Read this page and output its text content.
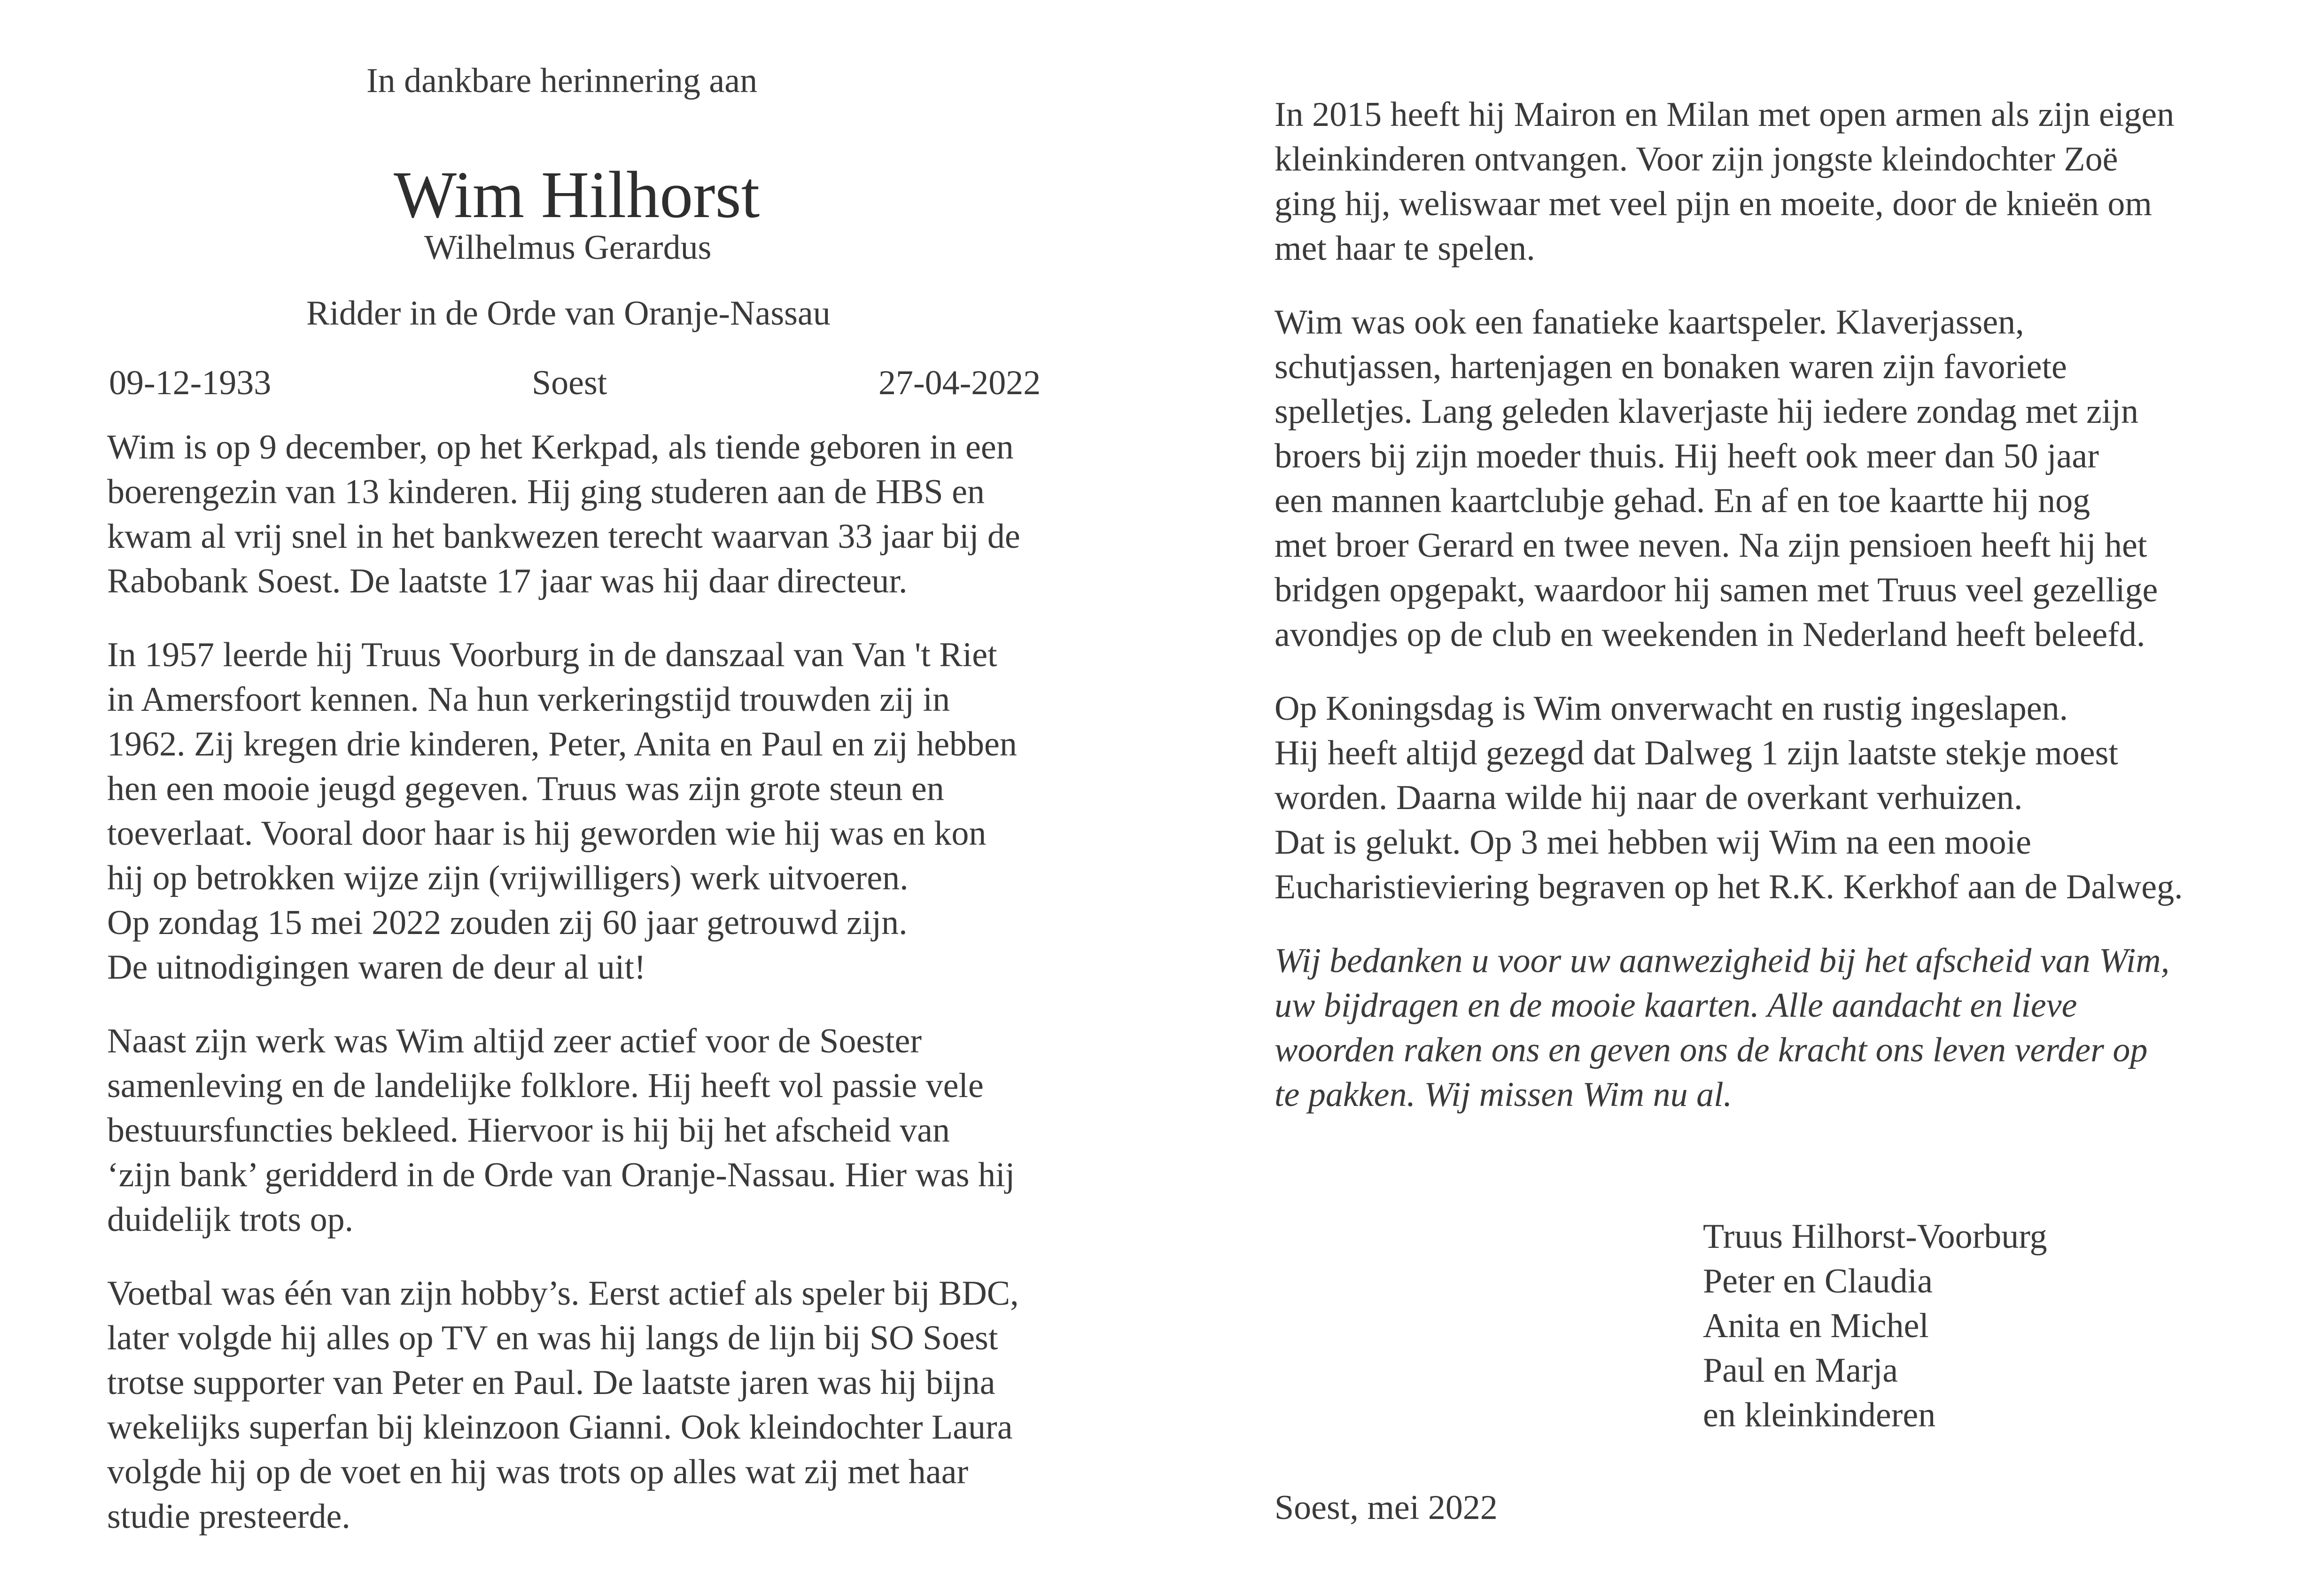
In dankbare herinnering aan
Wim Hilhorst
Wilhelmus Gerardus
Ridder in de Orde van Oranje-Nassau
09-12-1933	Soest	27-04-2022

Wim is op 9 december, op het Kerkpad, als tiende geboren in een
boerengezin van 13 kinderen. Hij ging studeren aan de HBS en
kwam al vrij snel in het bankwezen terecht waarvan 33 jaar bij de
Rabobank Soest. De laatste 17 jaar was hij daar directeur.

In 1957 leerde hij Truus Voorburg in de danszaal van Van 't Riet
in Amersfoort kennen. Na hun verkeringstijd trouwden zij in
1962. Zij kregen drie kinderen, Peter, Anita en Paul en zij hebben
hen een mooie jeugd gegeven. Truus was zijn grote steun en
toeverlaat. Vooral door haar is hij geworden wie hij was en kon
hij op betrokken wijze zijn (vrijwilligers) werk uitvoeren.
Op zondag 15 mei 2022 zouden zij 60 jaar getrouwd zijn.
De uitnodigingen waren de deur al uit!

Naast zijn werk was Wim altijd zeer actief voor de Soester
samenleving en de landelijke folklore. Hij heeft vol passie vele
bestuursfuncties bekleed. Hiervoor is hij bij het afscheid van
‘zijn bank’ geridderd in de Orde van Oranje-Nassau. Hier was hij
duidelijk trots op.

Voetbal was één van zijn hobby’s. Eerst actief als speler bij BDC,
later volgde hij alles op TV en was hij langs de lijn bij SO Soest
trotse supporter van Peter en Paul. De laatste jaren was hij bijna
wekelijks superfan bij kleinzoon Gianni. Ook kleindochter Laura
volgde hij op de voet en hij was trots op alles wat zij met haar
studie presteerde.

In 2015 heeft hij Mairon en Milan met open armen als zijn eigen
kleinkinderen ontvangen. Voor zijn jongste kleindochter Zoë
ging hij, weliswaar met veel pijn en moeite, door de knieën om
met haar te spelen.

Wim was ook een fanatieke kaartspeler. Klaverjassen,
schutjassen, hartenjagen en bonaken waren zijn favoriete
spelletjes. Lang geleden klaverjaste hij iedere zondag met zijn
broers bij zijn moeder thuis. Hij heeft ook meer dan 50 jaar
een mannen kaartclubje gehad. En af en toe kaartte hij nog
met broer Gerard en twee neven. Na zijn pensioen heeft hij het
bridgen opgepakt, waardoor hij samen met Truus veel gezellige
avondjes op de club en weekenden in Nederland heeft beleefd.

Op Koningsdag is Wim onverwacht en rustig ingeslapen.
Hij heeft altijd gezegd dat Dalweg 1 zijn laatste stekje moest
worden. Daarna wilde hij naar de overkant verhuizen.
Dat is gelukt. Op 3 mei hebben wij Wim na een mooie
Eucharistieviering begraven op het R.K. Kerkhof aan de Dalweg.

Wij bedanken u voor uw aanwezigheid bij het afscheid van Wim,
uw bijdragen en de mooie kaarten. Alle aandacht en lieve
woorden raken ons en geven ons de kracht ons leven verder op
te pakken. Wij missen Wim nu al.

Truus Hilhorst-Voorburg
Peter en Claudia
Anita en Michel
Paul en Marja
en kleinkinderen
Soest, mei 2022
